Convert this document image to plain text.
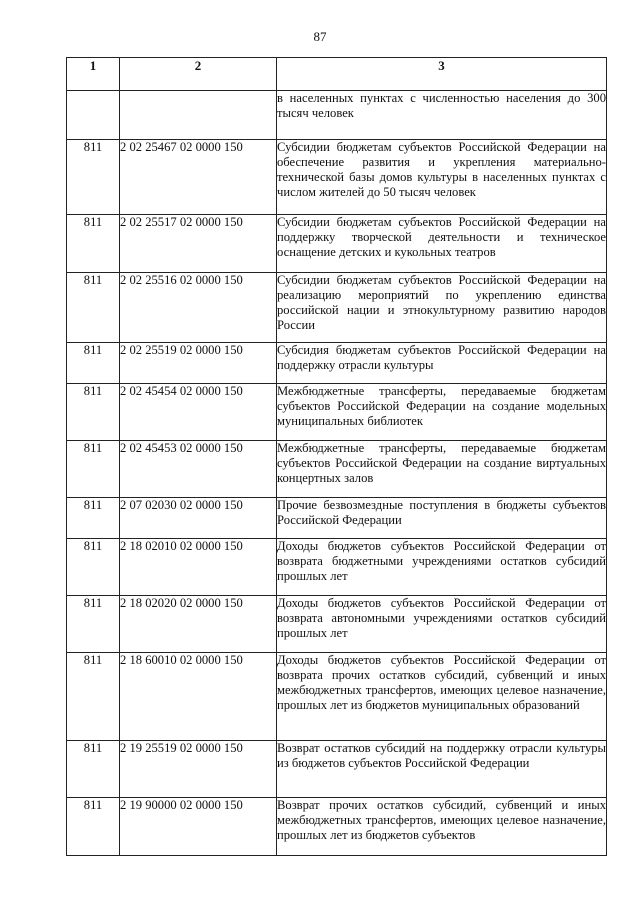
87
1	2	3
		в населенных пунктах с численностью населения до 300 тысяч человек
811	2 02 25467 02 0000 150	Субсидии бюджетам субъектов Российской Федерации на обеспечение развития и укрепления материально-технической базы домов культуры в населенных пунктах с числом жителей до 50 тысяч человек
811	2 02 25517 02 0000 150	Субсидии бюджетам субъектов Российской Федерации на поддержку творческой деятельности и техническое оснащение детских и кукольных театров
811	2 02 25516 02 0000 150	Субсидии бюджетам субъектов Российской Федерации на реализацию мероприятий по укреплению единства российской нации и этнокультурному развитию народов России
811	2 02 25519 02 0000 150	Субсидия бюджетам субъектов Российской Федерации на поддержку отрасли культуры
811	2 02 45454 02 0000 150	Межбюджетные трансферты, передаваемые бюджетам субъектов Российской Федерации на создание модельных муниципальных библиотек
811	2 02 45453 02 0000 150	Межбюджетные трансферты, передаваемые бюджетам субъектов Российской Федерации на создание виртуальных концертных залов
811	2 07 02030 02 0000 150	Прочие безвозмездные поступления в бюджеты субъектов Российской Федерации
811	2 18 02010 02 0000 150	Доходы бюджетов субъектов Российской Федерации от возврата бюджетными учреждениями остатков субсидий прошлых лет
811	2 18 02020 02 0000 150	Доходы бюджетов субъектов Российской Федерации от возврата автономными учреждениями остатков субсидий прошлых лет
811	2 18 60010 02 0000 150	Доходы бюджетов субъектов Российской Федерации от возврата прочих остатков субсидий, субвенций и иных межбюджетных трансфертов, имеющих целевое назначение, прошлых лет из бюджетов муниципальных образований
811	2 19 25519 02 0000 150	Возврат остатков субсидий на поддержку отрасли культуры из бюджетов субъектов Российской Федерации
811	2 19 90000 02 0000 150	Возврат прочих остатков субсидий, субвенций и иных межбюджетных трансфертов, имеющих целевое назначение, прошлых лет из бюджетов субъектов
